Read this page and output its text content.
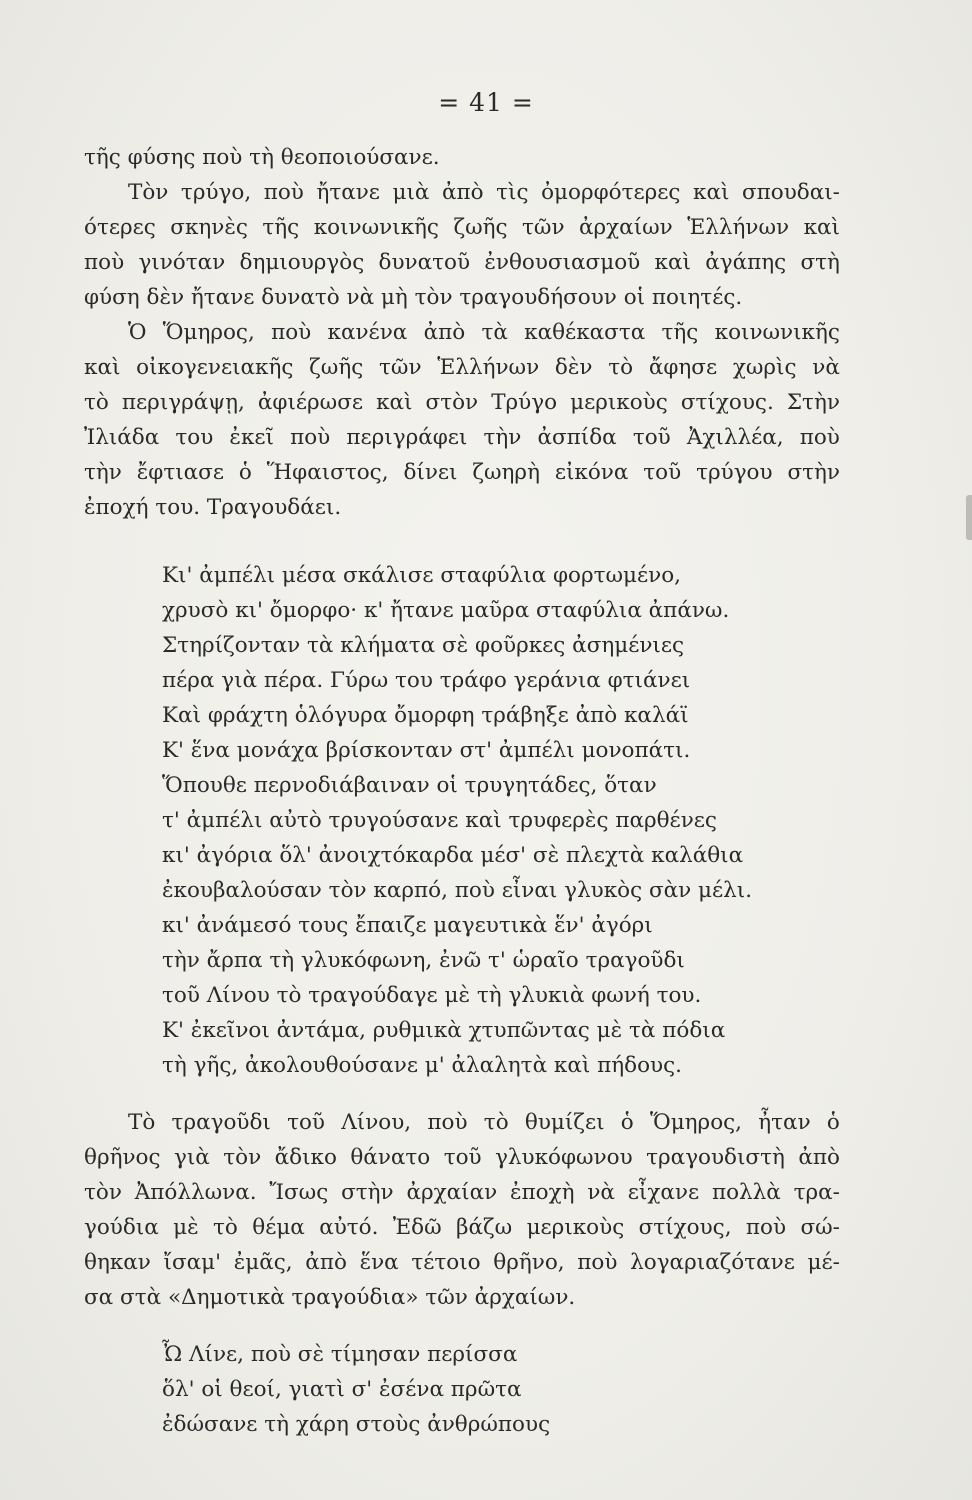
= 41 =
τῆς φύσης ποὺ τὴ θεοποιούσανε.
Τὸν τρύγο, ποὺ ἤτανε μιὰ ἀπὸ τὶς ὀμορφότερες καὶ σπουδαι-
ότερες σκηνὲς τῆς κοινωνικῆς ζωῆς τῶν ἀρχαίων Ἑλλήνων καὶ
ποὺ γινόταν δημιουργὸς δυνατοῦ ἐνθουσιασμοῦ καὶ ἀγάπης στὴ
φύση δὲν ἤτανε δυνατὸ νὰ μὴ τὸν τραγουδήσουν οἱ ποιητές.
Ὁ Ὅμηρος, ποὺ κανένα ἀπὸ τὰ καθέκαστα τῆς κοινωνικῆς
καὶ οἰκογενειακῆς ζωῆς τῶν Ἑλλήνων δὲν τὸ ἄφησε χωρὶς νὰ
τὸ περιγράψῃ, ἀφιέρωσε καὶ στὸν Τρύγο μερικοὺς στίχους. Στὴν
Ἰλιάδα του ἐκεῖ ποὺ περιγράφει τὴν ἀσπίδα τοῦ Ἀχιλλέα, ποὺ
τὴν ἔφτιασε ὁ Ἥφαιστος, δίνει ζωηρὴ εἰκόνα τοῦ τρύγου στὴν
ἐποχή του. Τραγουδάει.
Κι' ἀμπέλι μέσα σκάλισε σταφύλια φορτωμένο,
χρυσὸ κι' ὄμορφο· κ' ἤτανε μαῦρα σταφύλια ἀπάνω.
Στηρίζονταν τὰ κλήματα σὲ φοῦρκες ἀσημένιες
πέρα γιὰ πέρα. Γύρω του τράφο γεράνια φτιάνει
Καὶ φράχτη ὁλόγυρα ὄμορφη τράβηξε ἀπὸ καλάϊ
Κ' ἕνα μονάχα βρίσκονταν στ' ἀμπέλι μονοπάτι.
Ὅπουθε περνοδιάβαιναν οἱ τρυγητάδες, ὅταν
τ' ἀμπέλι αὐτὸ τρυγούσανε καὶ τρυφερὲς παρθένες
κι' ἀγόρια ὅλ' ἀνοιχτόκαρδα μέσ' σὲ πλεχτὰ καλάθια
ἐκουβαλούσαν τὸν καρπό, ποὺ εἶναι γλυκὸς σὰν μέλι.
κι' ἀνάμεσό τους ἔπαιζε μαγευτικὰ ἕν' ἀγόρι
τὴν ἄρπα τὴ γλυκόφωνη, ἐνῶ τ' ὡραῖο τραγοῦδι
τοῦ Λίνου τὸ τραγούδαγε μὲ τὴ γλυκιὰ φωνή του.
Κ' ἐκεῖνοι ἀντάμα, ρυθμικὰ χτυπῶντας μὲ τὰ πόδια
τὴ γῆς, ἀκολουθούσανε μ' ἀλαλητὰ καὶ πήδους.
Τὸ τραγοῦδι τοῦ Λίνου, ποὺ τὸ θυμίζει ὁ Ὅμηρος, ἦταν ὁ
θρῆνος γιὰ τὸν ἄδικο θάνατο τοῦ γλυκόφωνου τραγουδιστὴ ἀπὸ
τὸν Ἀπόλλωνα. Ἴσως στὴν ἀρχαίαν ἐποχὴ νὰ εἶχανε πολλὰ τρα-
γούδια μὲ τὸ θέμα αὐτό. Ἐδῶ βάζω μερικοὺς στίχους, ποὺ σώ-
θηκαν ἴσαμ' ἐμᾶς, ἀπὸ ἕνα τέτοιο θρῆνο, ποὺ λογαριαζότανε μέ-
σα στὰ «Δημοτικὰ τραγούδια» τῶν ἀρχαίων.
Ὦ Λίνε, ποὺ σὲ τίμησαν περίσσα
ὅλ' οἱ θεοί, γιατὶ σ' ἐσένα πρῶτα
ἐδώσανε τὴ χάρη στοὺς ἀνθρώπους
